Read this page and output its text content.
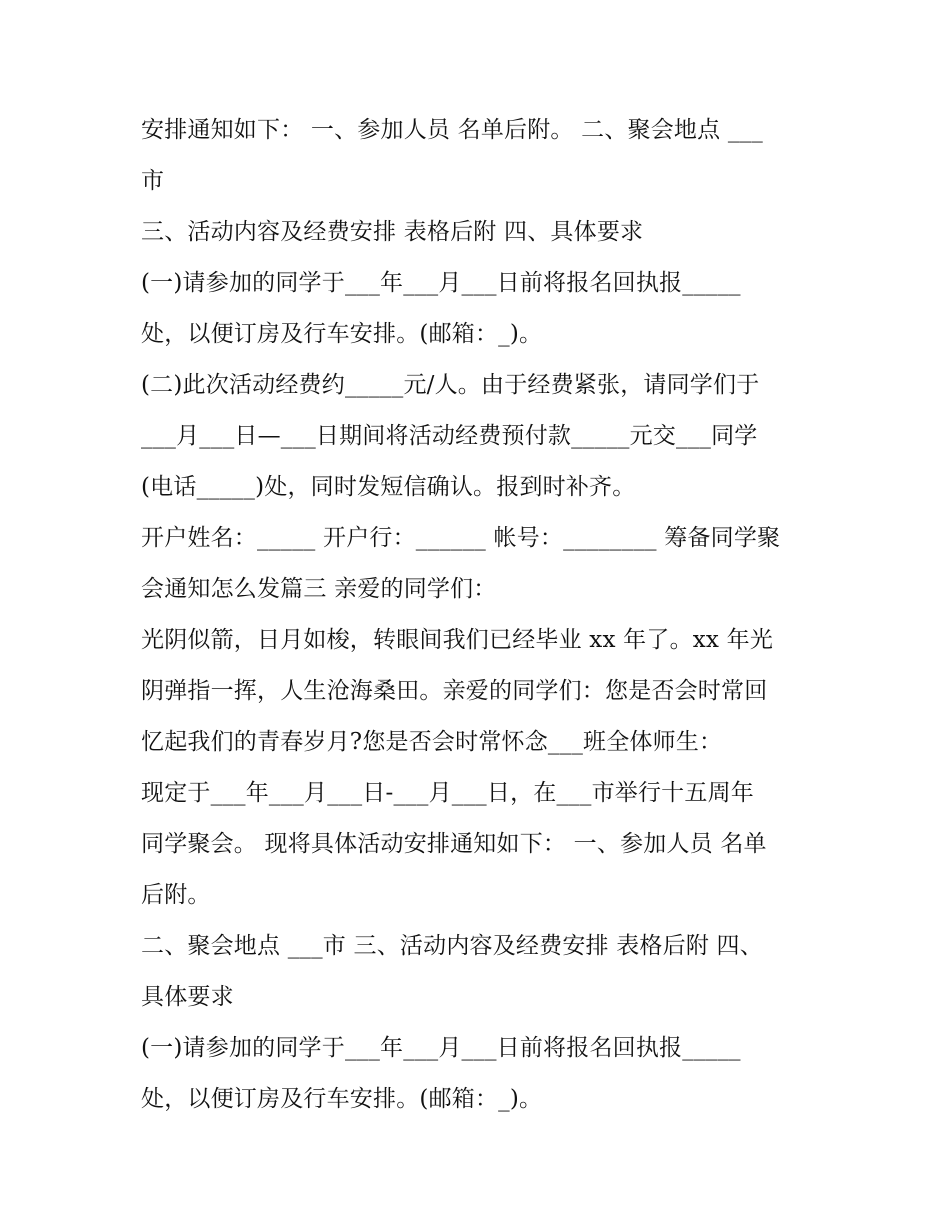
安排通知如下： 一、参加人员 名单后附。 二、聚会地点 ___
市
三、活动内容及经费安排 表格后附 四、具体要求
(一)请参加的同学于___年___月___日前将报名回执报_____
处，以便订房及行车安排。(邮箱：_)。
(二)此次活动经费约_____元/人。由于经费紧张，请同学们于
___月___日—___日期间将活动经费预付款_____元交___同学
(电话_____)处，同时发短信确认。报到时补齐。
开户姓名：_____ 开户行：______ 帐号：________ 筹备同学聚
会通知怎么发篇三 亲爱的同学们：
光阴似箭，日月如梭，转眼间我们已经毕业 xx 年了。xx 年光
阴弹指一挥，人生沧海桑田。亲爱的同学们：您是否会时常回
忆起我们的青春岁月?您是否会时常怀念___班全体师生：
现定于___年___月___日-___月___日，在___市举行十五周年
同学聚会。 现将具体活动安排通知如下： 一、参加人员 名单
后附。
二、聚会地点 ___市 三、活动内容及经费安排 表格后附 四、
具体要求
(一)请参加的同学于___年___月___日前将报名回执报_____
处，以便订房及行车安排。(邮箱：_)。
